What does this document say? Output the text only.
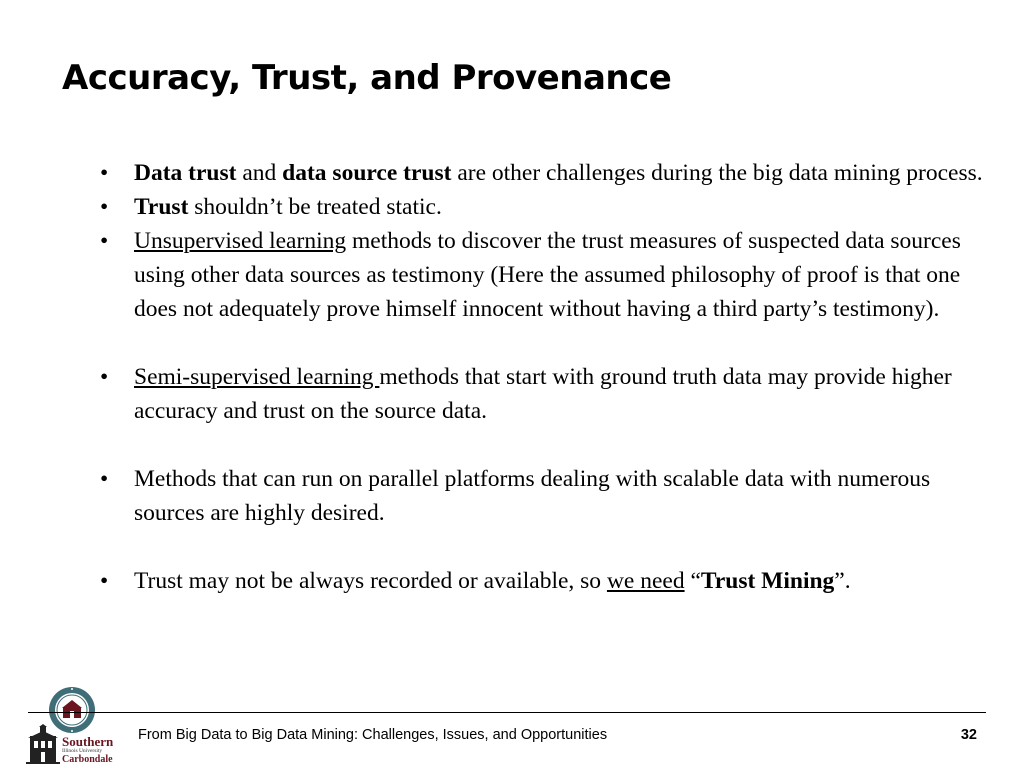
Accuracy, Trust, and Provenance
• Data trust and data source trust are other challenges during the big data mining process.
• Trust shouldn’t be treated static.
• Unsupervised learning methods to discover the trust measures of suspected data sources using other data sources as testimony (Here the assumed philosophy of proof is that one does not adequately prove himself innocent without having a third party’s testimony).
• Semi-supervised learning methods that start with ground truth data may provide higher accuracy and trust on the source data.
• Methods that can run on parallel platforms dealing with scalable data with numerous sources are highly desired.
• Trust may not be always recorded or available, so we need “Trust Mining”.
Southern
Illinois University
Carbondale
From Big Data to Big Data Mining: Challenges, Issues, and Opportunities	32
